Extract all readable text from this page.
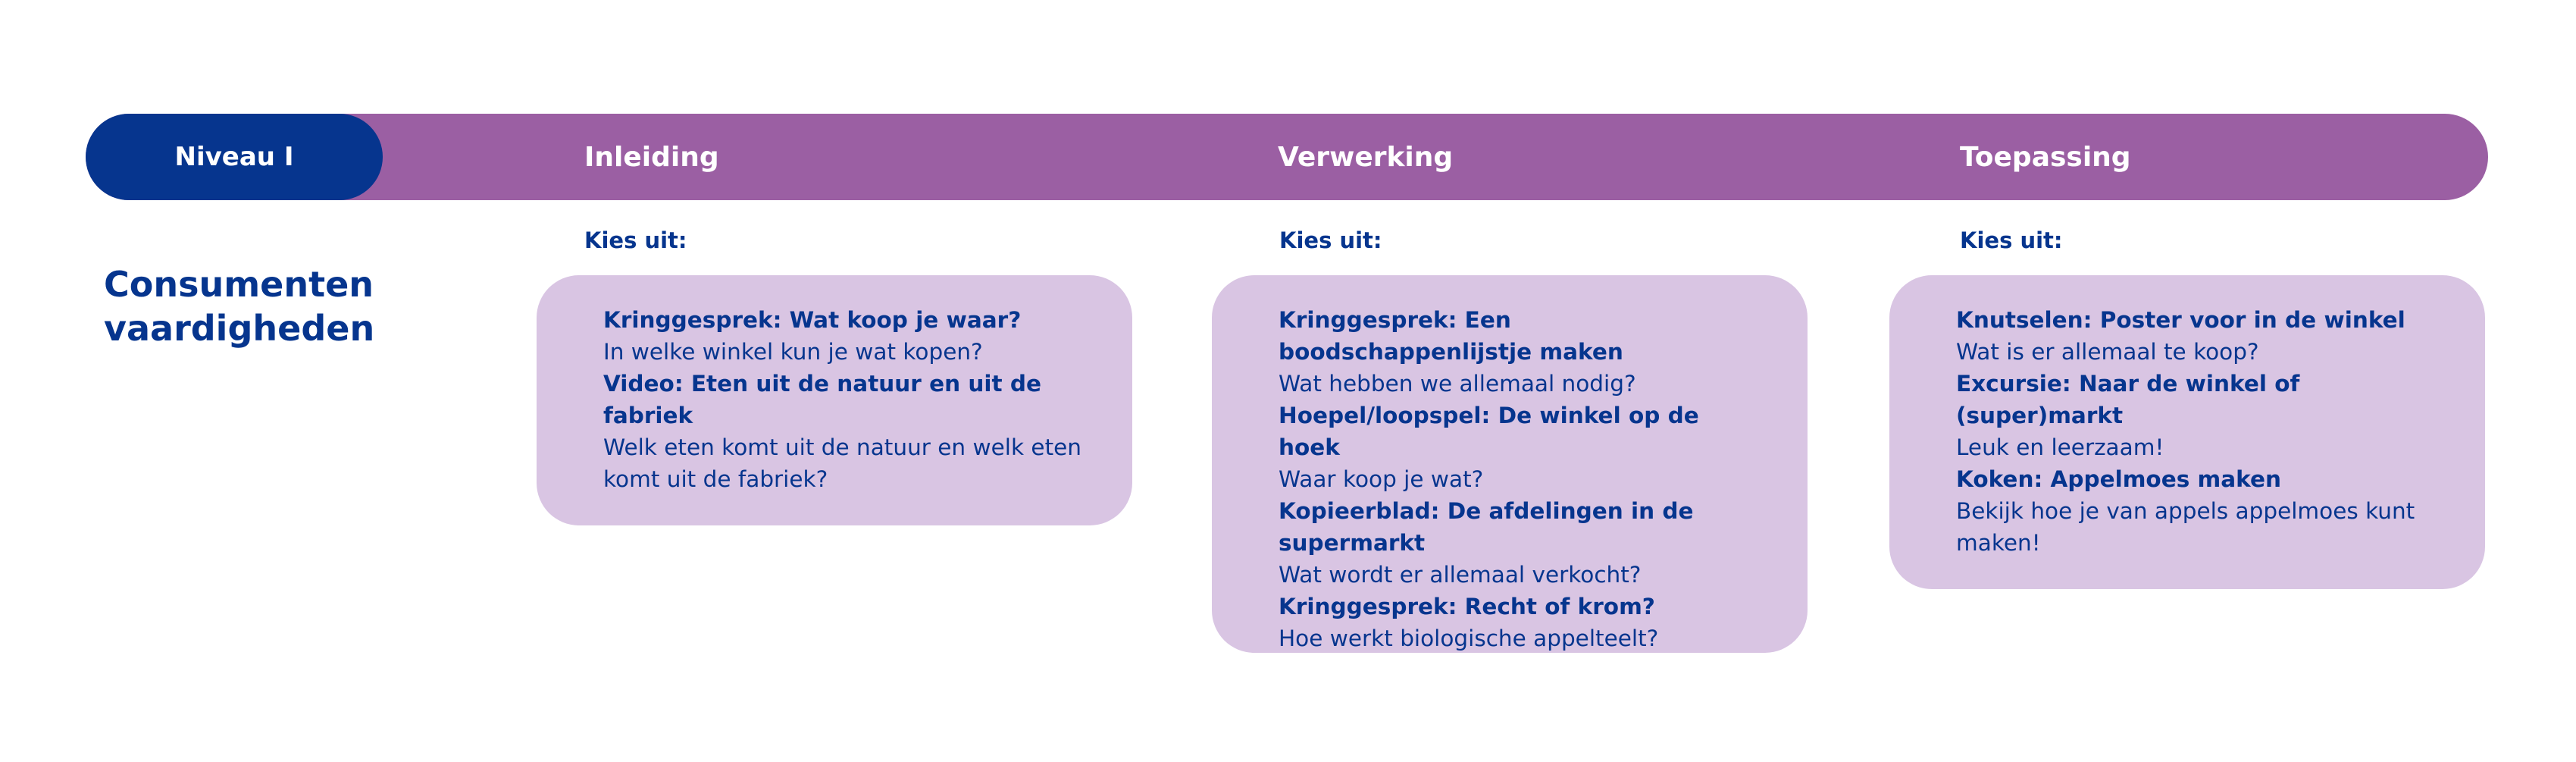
Niveau I	Inleiding	Verwerking	Toepassing
Consumenten vaardigheden
Kies uit:	Kies uit:	Kies uit:
Kringgesprek: Wat koop je waar?
In welke winkel kun je wat kopen?
Video: Eten uit de natuur en uit de fabriek
Welk eten komt uit de natuur en welk eten komt uit de fabriek?
Kringgesprek: Een boodschappenlijstje maken
Wat hebben we allemaal nodig?
Hoepel/loopspel: De winkel op de hoek
Waar koop je wat?
Kopieerblad: De afdelingen in de supermarkt
Wat wordt er allemaal verkocht?
Kringgesprek: Recht of krom?
Hoe werkt biologische appelteelt?
Knutselen: Poster voor in de winkel
Wat is er allemaal te koop?
Excursie: Naar de winkel of (super)markt
Leuk en leerzaam!
Koken: Appelmoes maken
Bekijk hoe je van appels appelmoes kunt maken!
